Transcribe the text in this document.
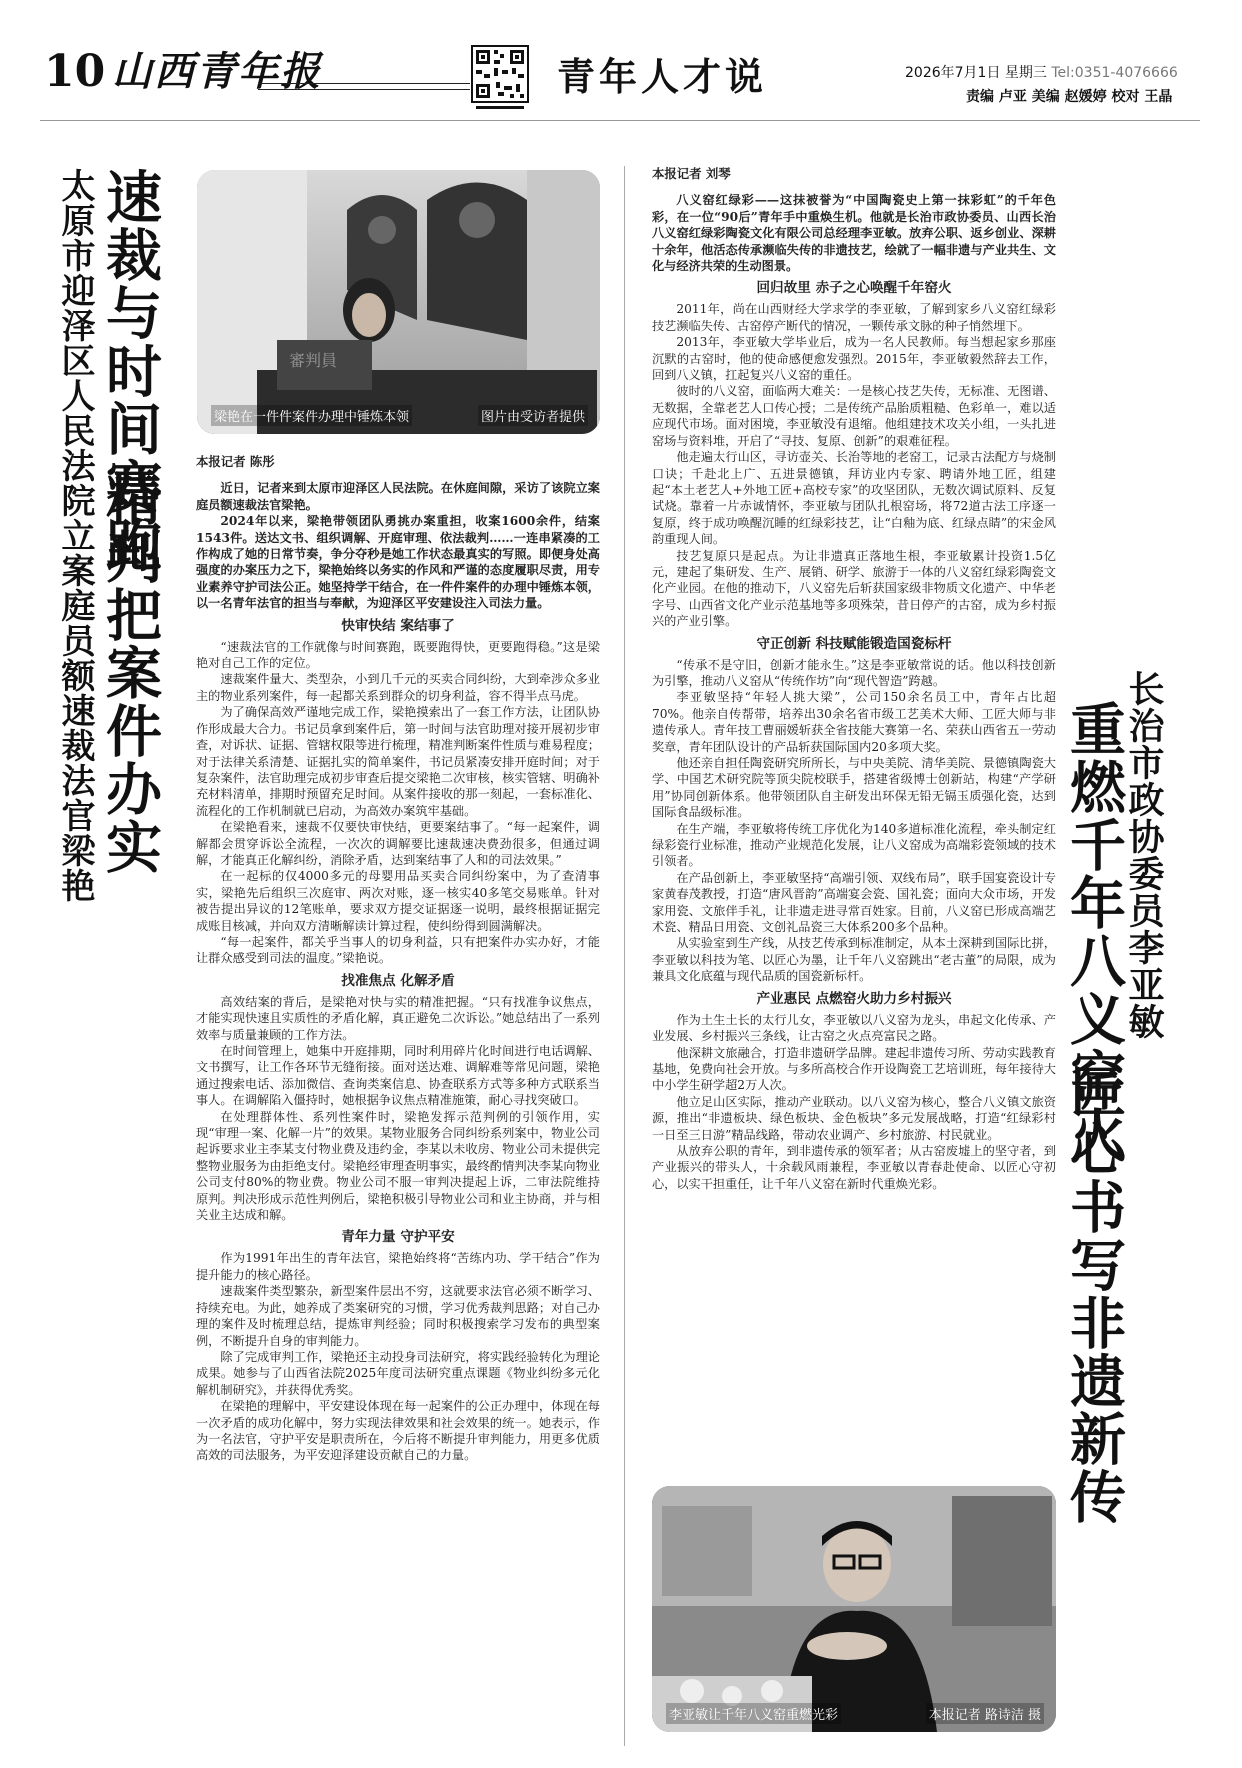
10 山西青年报	青年人才说	2026年7月1日 星期三 Tel:0351-4076666
责编 卢亚 美编 赵媛婷 校对 王晶
太原市迎泽区人民法院立案庭员额速裁法官梁艳 速裁与时间赛跑
精判把案件办实
審判員
梁艳在一件件案件办理中锤炼本领	图片由受访者提供
本报记者 陈彤

近日，记者来到太原市迎泽区人民法院。在休庭间隙，采访了该院立案庭员额速裁法官梁艳。

2024年以来，梁艳带领团队勇挑办案重担，收案1600余件，结案1543件。送达文书、组织调解、开庭审理、依法裁判……一连串紧凑的工作构成了她的日常节奏，争分夺秒是她工作状态最真实的写照。即便身处高强度的办案压力之下，梁艳始终以务实的作风和严谨的态度履职尽责，用专业素养守护司法公正。她坚持学干结合，在一件件案件的办理中锤炼本领，以一名青年法官的担当与奉献，为迎泽区平安建设注入司法力量。

快审快结 案结事了

“速裁法官的工作就像与时间赛跑，既要跑得快，更要跑得稳。”这是梁艳对自己工作的定位。

速裁案件量大、类型杂，小到几千元的买卖合同纠纷，大到牵涉众多业主的物业系列案件，每一起都关系到群众的切身利益，容不得半点马虎。

为了确保高效严谨地完成工作，梁艳摸索出了一套工作方法，让团队协作形成最大合力。书记员拿到案件后，第一时间与法官助理对接开展初步审查，对诉状、证据、管辖权限等进行梳理，精准判断案件性质与难易程度；对于法律关系清楚、证据扎实的简单案件，书记员紧凑安排开庭时间；对于复杂案件，法官助理完成初步审查后提交梁艳二次审核，核实管辖、明确补充材料清单，排期时预留充足时间。从案件接收的那一刻起，一套标准化、流程化的工作机制就已启动，为高效办案筑牢基础。

在梁艳看来，速裁不仅要快审快结，更要案结事了。“每一起案件，调解都会贯穿诉讼全流程，一次次的调解要比速裁速决费劲很多，但通过调解，才能真正化解纠纷，消除矛盾，达到案结事了人和的司法效果。”

在一起标的仅4000多元的母婴用品买卖合同纠纷案中，为了查清事实，梁艳先后组织三次庭审、两次对账，逐一核实40多笔交易账单。针对被告提出异议的12笔账单，要求双方提交证据逐一说明，最终根据证据完成账目核减，并向双方清晰解读计算过程，使纠纷得到圆满解决。

“每一起案件，都关乎当事人的切身利益，只有把案件办实办好，才能让群众感受到司法的温度。”梁艳说。

找准焦点 化解矛盾

高效结案的背后，是梁艳对快与实的精准把握。“只有找准争议焦点，才能实现快速且实质性的矛盾化解，真正避免二次诉讼。”她总结出了一系列效率与质量兼顾的工作方法。

在时间管理上，她集中开庭排期，同时利用碎片化时间进行电话调解、文书撰写，让工作各环节无缝衔接。面对送达难、调解难等常见问题，梁艳通过搜索电话、添加微信、查询类案信息、协查联系方式等多种方式联系当事人。在调解陷入僵持时，她根据争议焦点精准施策，耐心寻找突破口。

在处理群体性、系列性案件时，梁艳发挥示范判例的引领作用，实现“审理一案、化解一片”的效果。某物业服务合同纠纷系列案中，物业公司起诉要求业主李某支付物业费及违约金，李某以未收房、物业公司未提供完整物业服务为由拒绝支付。梁艳经审理查明事实，最终酌情判决李某向物业公司支付80%的物业费。物业公司不服一审判决提起上诉，二审法院维持原判。判决形成示范性判例后，梁艳积极引导物业公司和业主协商，并与相关业主达成和解。

青年力量 守护平安

作为1991年出生的青年法官，梁艳始终将“苦练内功、学干结合”作为提升能力的核心路径。

速裁案件类型繁杂，新型案件层出不穷，这就要求法官必须不断学习、持续充电。为此，她养成了类案研究的习惯，学习优秀裁判思路；对自己办理的案件及时梳理总结，提炼审判经验；同时积极搜索学习发布的典型案例，不断提升自身的审判能力。

除了完成审判工作，梁艳还主动投身司法研究，将实践经验转化为理论成果。她参与了山西省法院2025年度司法研究重点课题《物业纠纷多元化解机制研究》，并获得优秀奖。

在梁艳的理解中，平安建设体现在每一起案件的公正办理中，体现在每一次矛盾的成功化解中，努力实现法律效果和社会效果的统一。她表示，作为一名法官，守护平安是职责所在，今后将不断提升审判能力，用更多优质高效的司法服务，为平安迎泽建设贡献自己的力量。

本报记者 刘琴

八义窑红绿彩——这抹被誉为“中国陶瓷史上第一抹彩虹”的千年色彩，在一位“90后”青年手中重焕生机。他就是长治市政协委员、山西长治八义窑红绿彩陶瓷文化有限公司总经理李亚敏。放弃公职、返乡创业、深耕十余年，他活态传承濒临失传的非遗技艺，绘就了一幅非遗与产业共生、文化与经济共荣的生动图景。

回归故里 赤子之心唤醒千年窑火

2011年，尚在山西财经大学求学的李亚敏，了解到家乡八义窑红绿彩技艺濒临失传、古窑停产断代的情况，一颗传承文脉的种子悄然埋下。

2013年，李亚敏大学毕业后，成为一名人民教师。每当想起家乡那座沉默的古窑时，他的使命感便愈发强烈。2015年，李亚敏毅然辞去工作，回到八义镇，扛起复兴八义窑的重任。

彼时的八义窑，面临两大难关：一是核心技艺失传，无标准、无图谱、无数据，全靠老艺人口传心授；二是传统产品胎质粗糙、色彩单一，难以适应现代市场。面对困境，李亚敏没有退缩。他组建技术攻关小组，一头扎进窑场与资料堆，开启了“寻技、复原、创新”的艰难征程。

他走遍太行山区，寻访壶关、长治等地的老窑工，记录古法配方与烧制口诀；千赴北上广、五进景德镇，拜访业内专家、聘请外地工匠，组建起“本土老艺人+外地工匠+高校专家”的攻坚团队，无数次调试原料、反复试烧。靠着一片赤诚情怀，李亚敏与团队扎根窑场，将72道古法工序逐一复原，终于成功唤醒沉睡的红绿彩技艺，让“白釉为底、红绿点睛”的宋金风韵重现人间。

技艺复原只是起点。为让非遗真正落地生根，李亚敏累计投资1.5亿元，建起了集研发、生产、展销、研学、旅游于一体的八义窑红绿彩陶瓷文化产业园。在他的推动下，八义窑先后斩获国家级非物质文化遗产、中华老字号、山西省文化产业示范基地等多项殊荣，昔日停产的古窑，成为乡村振兴的产业引擎。

守正创新 科技赋能锻造国瓷标杆

“传承不是守旧，创新才能永生。”这是李亚敏常说的话。他以科技创新为引擎，推动八义窑从“传统作坊”向“现代智造”跨越。

李亚敏坚持“年轻人挑大梁”，公司150余名员工中，青年占比超70%。他亲自传帮带，培养出30余名省市级工艺美术大师、工匠大师与非遗传承人。青年技工曹丽媛斩获全省技能大赛第一名、荣获山西省五一劳动奖章，青年团队设计的产品斩获国际国内20多项大奖。

他还亲自担任陶瓷研究所所长，与中央美院、清华美院、景德镇陶瓷大学、中国艺术研究院等顶尖院校联手，搭建省级博士创新站，构建“产学研用”协同创新体系。他带领团队自主研发出环保无铅无镉玉质强化瓷，达到国际食品级标准。

在生产端，李亚敏将传统工序优化为140多道标准化流程，牵头制定红绿彩瓷行业标准，推动产业规范化发展，让八义窑成为高端彩瓷领域的技术引领者。

在产品创新上，李亚敏坚持“高端引领、双线布局”，联手国宴瓷设计专家黄春茂教授，打造“唐风晋韵”高端宴会瓷、国礼瓷；面向大众市场，开发家用瓷、文旅伴手礼，让非遗走进寻常百姓家。目前，八义窑已形成高端艺术瓷、精品日用瓷、文创礼品瓷三大体系200多个品种。

从实验室到生产线，从技艺传承到标准制定，从本土深耕到国际比拼，李亚敏以科技为笔、以匠心为墨，让千年八义窑跳出“老古董”的局限，成为兼具文化底蕴与现代品质的国瓷新标杆。

产业惠民 点燃窑火助力乡村振兴

作为土生土长的太行儿女，李亚敏以八义窑为龙头，串起文化传承、产业发展、乡村振兴三条线，让古窑之火点亮富民之路。

他深耕文旅融合，打造非遗研学品牌。建起非遗传习所、劳动实践教育基地，免费向社会开放。与多所高校合作开设陶瓷工艺培训班，每年接待大中小学生研学超2万人次。

他立足山区实际，推动产业联动。以八义窑为核心，整合八义镇文旅资源，推出“非遗板块、绿色板块、金色板块”多元发展战略，打造“红绿彩村一日至三日游”精品线路，带动农业调产、乡村旅游、村民就业。

从放弃公职的青年，到非遗传承的领军者；从古窑废墟上的坚守者，到产业振兴的带头人，十余载风雨兼程，李亚敏以青春赴使命、以匠心守初心，以实干担重任，让千年八义窑在新时代重焕光彩。

李亚敏让千年八义窑重燃光彩	本报记者 路诗洁 摄
长治市政协委员李亚敏
重燃千年八义窑火
匠心书写非遗新传
